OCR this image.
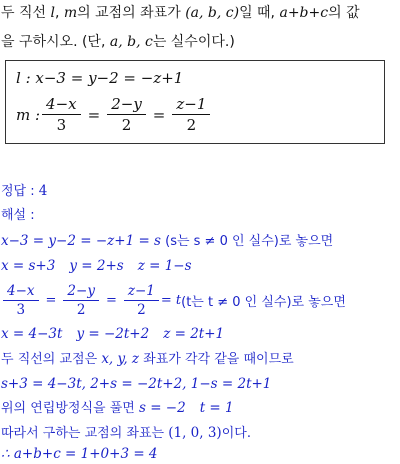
두 직선 l, m의 교점의 좌표가 (a, b, c)일 때, a+b+c의 값
을 구하시오. (단, a, b, c는 실수이다.)
l : x−3 = y−2 = −z+1
m : $\frac{4-x}{3} = \frac{2-y}{2} = \frac{z-1}{2}$
정답 : 4
해설 :
x−3 = y−2 = −z+1 = s (s는 s ≠ 0 인 실수)로 놓으면
x = s+3 y = 2+s z = 1−s
$\frac{4-x}{3} = \frac{2-y}{2} = \frac{z-1}{2} = t$ (t는 t ≠ 0 인 실수)로 놓으면
x = 4−3t y = −2t+2 z = 2t+1
두 직선의 교점은 x, y, z 좌표가 각각 같을 때이므로
s+3 = 4−3t, 2+s = −2t+2, 1−s = 2t+1
위의 연립방정식을 풀면 s = −2 t = 1
따라서 구하는 교점의 좌표는 (1, 0, 3)이다.
∴ a+b+c = 1+0+3 = 4
